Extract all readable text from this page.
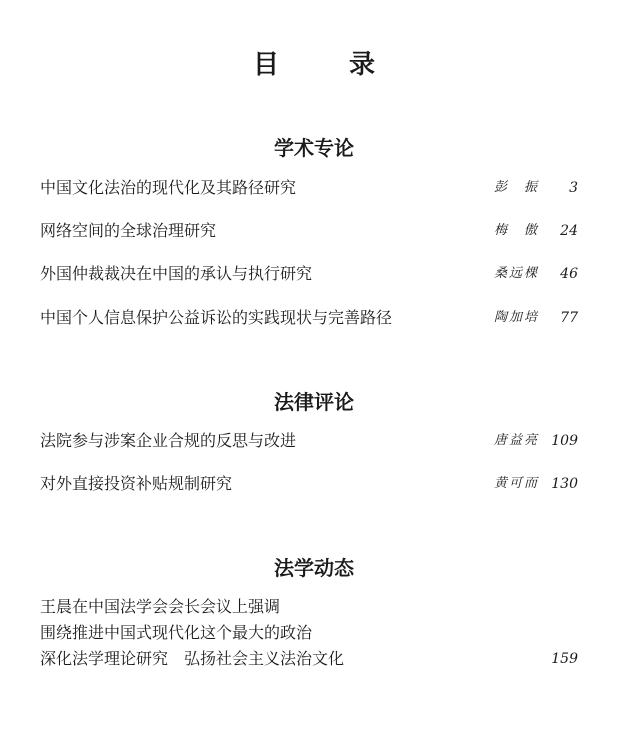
目　录
学术专论
中国文化法治的现代化及其路径研究	彭　振 3
网络空间的全球治理研究	梅　傲 24
外国仲裁裁决在中国的承认与执行研究	桑远棵 46
中国个人信息保护公益诉讼的实践现状与完善路径	陶加培 77
法律评论
法院参与涉案企业合规的反思与改进	唐益亮 109
对外直接投资补贴规制研究	黄可而 130
法学动态
王晨在中国法学会会长会议上强调
围绕推进中国式现代化这个最大的政治
深化法学理论研究　弘扬社会主义法治文化	159
